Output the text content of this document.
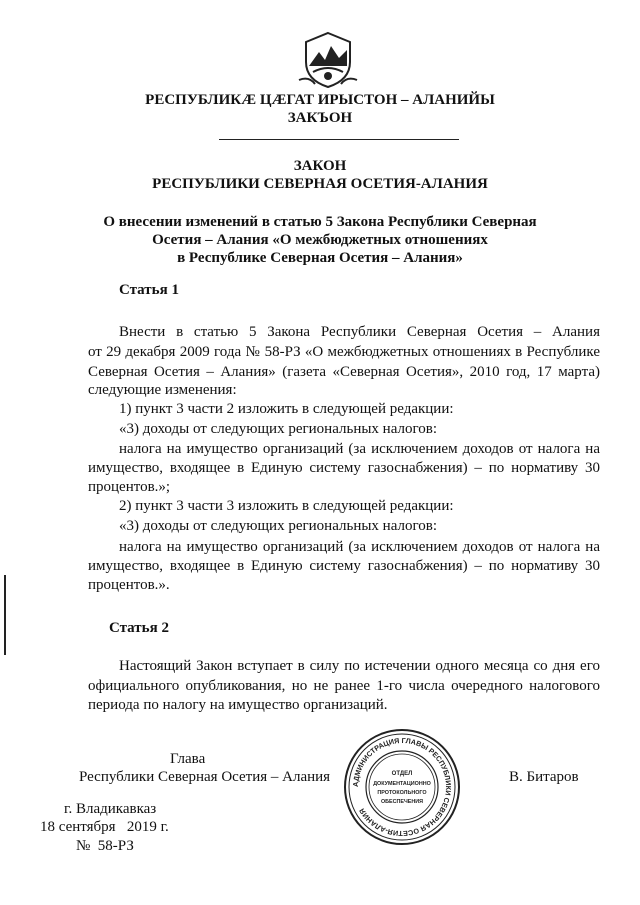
РЕСПУБЛИКӔ ЦӔГАТ ИРЫСТОН – АЛАНИЙЫ
ЗАКЪОН
ЗАКОН
РЕСПУБЛИКИ СЕВЕРНАЯ ОСЕТИЯ-АЛАНИЯ
О внесении изменений в статью 5 Закона Республики Северная
Осетия – Алания «О межбюджетных отношениях
в Республике Северная Осетия – Алания»
Статья 1
Внести в статью 5 Закона Республики Северная Осетия – Алания
от 29 декабря 2009 года № 58-РЗ «О межбюджетных отношениях в Республике
Северная Осетия – Алания» (газета «Северная Осетия», 2010 год, 17 марта)
следующие изменения:
1) пункт 3 части 2 изложить в следующей редакции:
«3) доходы от следующих региональных налогов:
налога на имущество организаций (за исключением доходов от налога на
имущество, входящее в Единую систему газоснабжения) – по нормативу 30
процентов.»;
2) пункт 3 части 3 изложить в следующей редакции:
«3) доходы от следующих региональных налогов:
налога на имущество организаций (за исключением доходов от налога на
имущество, входящее в Единую систему газоснабжения) – по нормативу 30
процентов.».
Статья 2
Настоящий Закон вступает в силу по истечении одного месяца со дня его
официального опубликования, но не ранее 1-го числа очередного налогового
периода по налогу на имущество организаций.
Глава
Республики Северная Осетия – Алания	В. Битаров
АДМИНИСТРАЦИЯ ГЛАВЫ РЕСПУБЛИКИ СЕВЕРНАЯ ОСЕТИЯ-АЛАНИЯ
ОТДЕЛ
ДОКУМЕНТАЦИОННО
ПРОТОКОЛЬНОГО
ОБЕСПЕЧЕНИЯ
г. Владикавказ
18 сентября   2019 г.
№  58-РЗ
